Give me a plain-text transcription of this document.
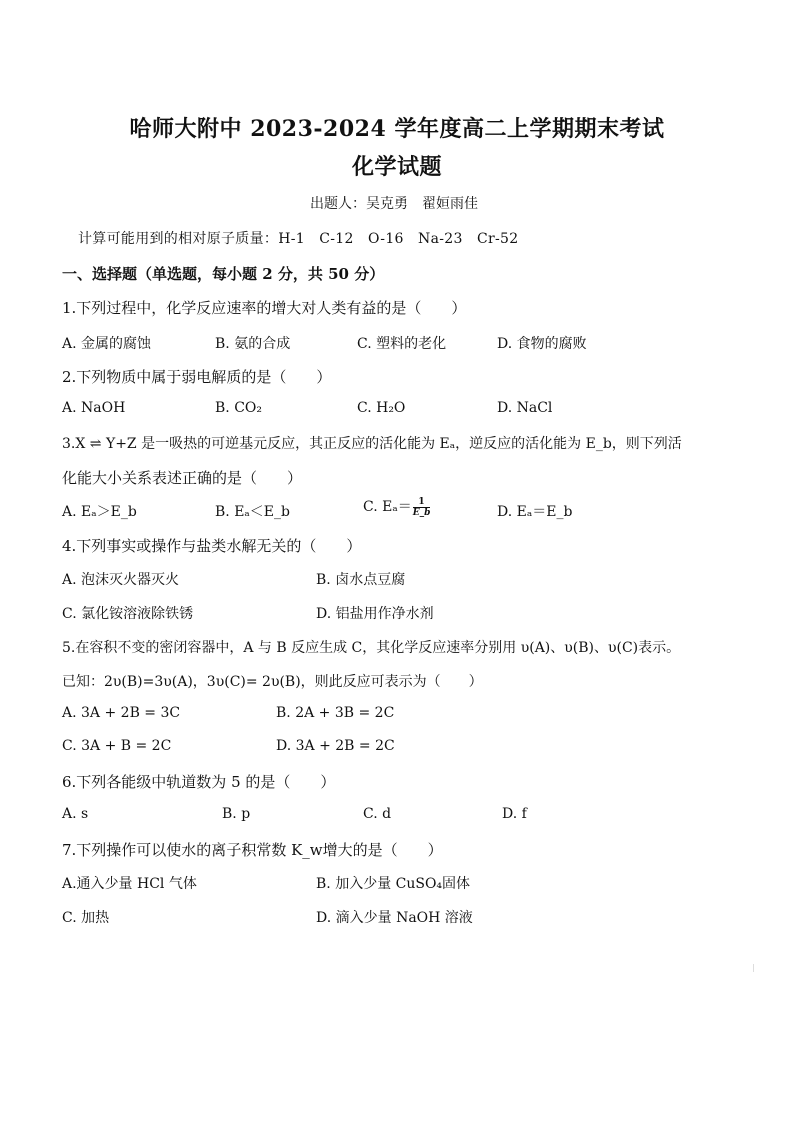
哈师大附中 2023-2024 学年度高二上学期期末考试
化学试题
出题人：吴克勇　翟姮雨佳
计算可能用到的相对原子质量：H-1　C-12　O-16　Na-23　Cr-52
一、选择题（单选题，每小题 2 分，共 50 分）
1.下列过程中，化学反应速率的增大对人类有益的是（　　）
A. 金属的腐蚀	B. 氨的合成	C. 塑料的老化	D. 食物的腐败
2.下列物质中属于弱电解质的是（　　）
A. NaOH	B. CO₂	C. H₂O	D. NaCl
3.X ⇌ Y+Z 是一吸热的可逆基元反应，其正反应的活化能为 Eₐ，逆反应的活化能为 E_b，则下列活
化能大小关系表述正确的是（　　）
A. Eₐ＞E_b	B. Eₐ＜E_b	C. $E_a= \frac{1}{E\_b}$	D. Eₐ＝E_b
4.下列事实或操作与盐类水解无关的（　　）
A. 泡沫灭火器灭火	B. 卤水点豆腐
C. 氯化铵溶液除铁锈	D. 铝盐用作净水剂
5.在容积不变的密闭容器中，A 与 B 反应生成 C，其化学反应速率分别用 υ(A)、υ(B)、υ(C)表示。
已知：2υ(B)=3υ(A)，3υ(C)= 2υ(B)，则此反应可表示为（　　）
A. 3A + 2B = 3C	B. 2A + 3B = 2C
C. 3A + B = 2C	D. 3A + 2B = 2C
6.下列各能级中轨道数为 5 的是（　　）
A. s	B. p	C. d	D. f
7.下列操作可以使水的离子积常数 K_w增大的是（　　）
A.通入少量 HCl 气体	B. 加入少量 CuSO₄固体
C. 加热	D. 滴入少量 NaOH 溶液
